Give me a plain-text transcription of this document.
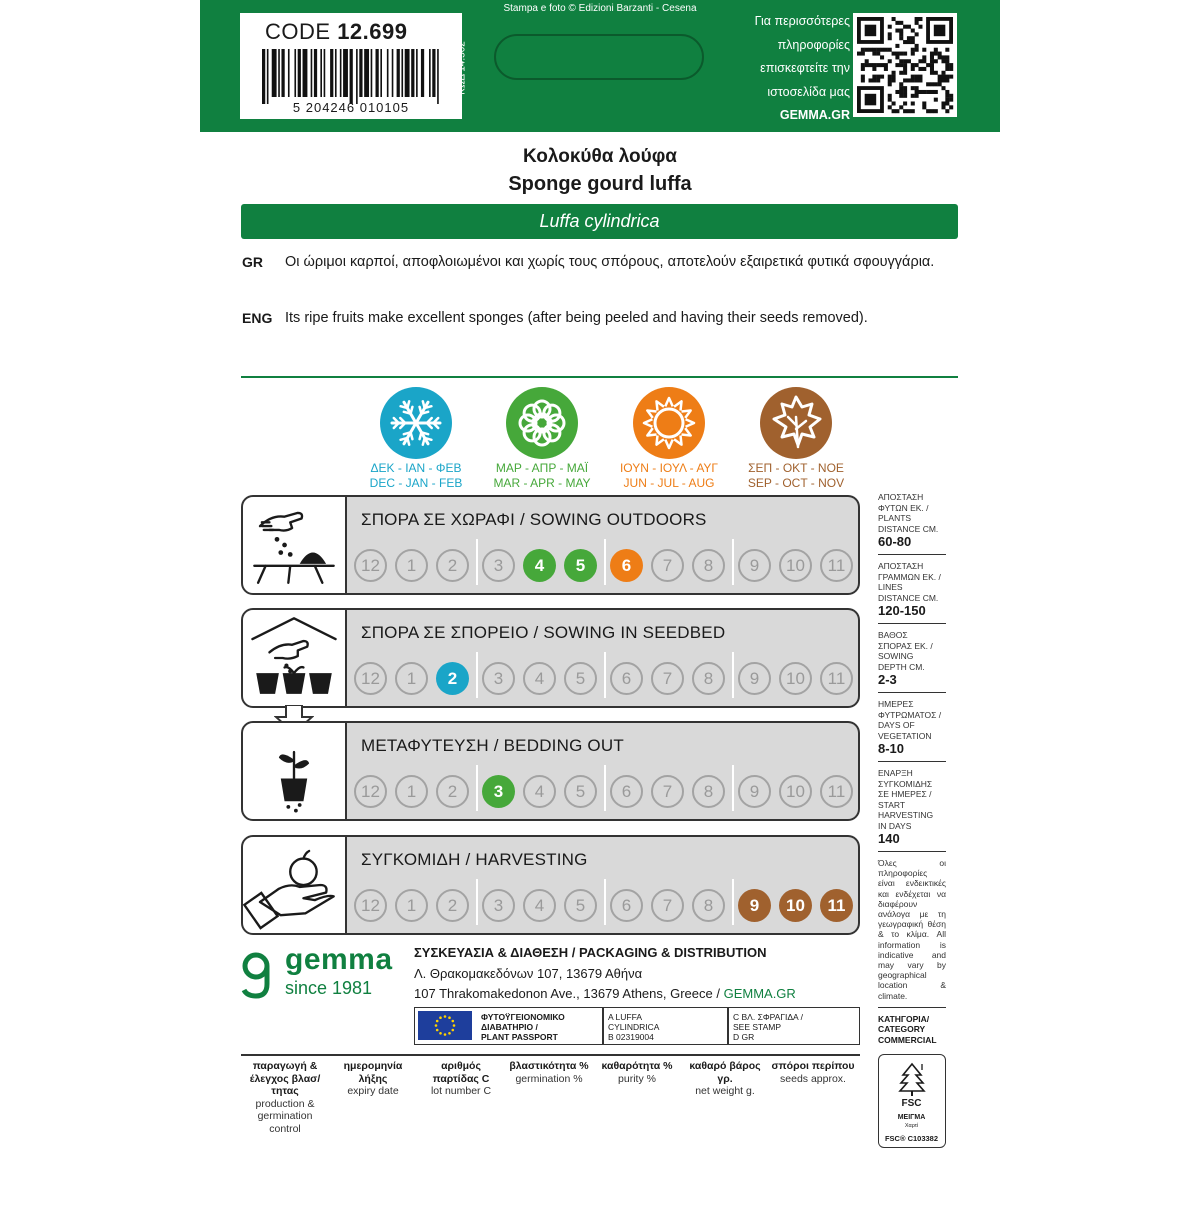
CODE 12.699
5 204246 010105
ΚΩΔ 14.502
Stampa e foto © Edizioni Barzanti - Cesena
Για περισσότερες
πληροφορίες
επισκεφτείτε την
ιστοσελίδα μας
GEMMA.GR
Κολοκύθα λούφα
Sponge gourd luffa
Luffa cylindrica
GR Οι ώριμοι καρποί, αποφλοιωμένοι και χωρίς τους σπόρους, αποτελούν εξαιρετικά φυτικά σφουγγάρια.
ENG Its ripe fruits make excellent sponges (after being peeled and having their seeds removed).
ΔΕΚ - ΙΑΝ - ΦΕΒ
DEC - JAN - FEB
ΜΑΡ - ΑΠΡ - ΜΑΪ
MAR - APR - MAY
ΙΟΥΝ - ΙΟΥΛ - ΑΥΓ
JUN - JUL - AUG
ΣΕΠ - ΟΚΤ - ΝΟΕ
SEP - OCT - NOV
ΣΠΟΡΑ ΣΕ ΧΩΡΑΦΙ / SOWING OUTDOORS
12	1	2	3	4	5	6	7	8	9	10	11
ΣΠΟΡΑ ΣΕ ΣΠΟΡΕΙΟ / SOWING IN SEEDBED
12	1	2	3	4	5	6	7	8	9	10	11
ΜΕΤΑΦΥΤΕΥΣΗ / BEDDING OUT
12	1	2	3	4	5	6	7	8	9	10	11
ΣΥΓΚΟΜΙΔΗ / HARVESTING
12	1	2	3	4	5	6	7	8	9	10	11
ΑΠΟΣΤΑΣΗ
ΦΥΤΩΝ ΕΚ. /
PLANTS
DISTANCE CM.
60-80
ΑΠΟΣΤΑΣΗ
ΓΡΑΜΜΩΝ ΕΚ. /
LINES
DISTANCE CM.
120-150
ΒΑΘΟΣ
ΣΠΟΡΑΣ ΕΚ. /
SOWING
DEPTH CM.
2-3
ΗΜΕΡΕΣ
ΦΥΤΡΩΜΑΤΟΣ /
DAYS OF
VEGETATION
8-10
ΕΝΑΡΞΗ
ΣΥΓΚΟΜΙΔΗΣ
ΣΕ ΗΜΕΡΕΣ /
START
HARVESTING
IN DAYS
140
Όλες οι πληροφορίες είναι ενδεικτικές και ενδέχεται να διαφέρουν ανάλογα με τη γεωγραφική θέση & το κλίμα. All information is indicative and may vary by geographical location & climate.
ΚΑΤΗΓΟΡΙΑ/
CATEGORY
COMMERCIAL
gemma
since 1981
ΣΥΣΚΕΥΑΣΙΑ & ΔΙΑΘΕΣΗ / PACKAGING & DISTRIBUTION
Λ. Θρακομακεδόνων 107, 13679 Αθήνα
107 Thrakomakedonon Ave., 13679 Athens, Greece / GEMMA.GR
ΦΥΤΟΫΓΕΙΟΝΟΜΙΚΟ
ΔΙΑΒΑΤΗΡΙΟ /
PLANT PASSPORT
A LUFFA
CYLINDRICA
B 02319004
C ΒΛ. ΣΦΡΑΓΙΔΑ /
SEE STAMP
D GR
παραγωγή & έλεγχος βλασ/τητας
production & germination control
ημερομηνία λήξης
expiry date
αριθμός παρτίδας C
lot number C
βλαστικότητα %
germination %
καθαρότητα %
purity %
καθαρό βάρος γρ.
net weight g.
σπόροι περίπου
seeds approx.
FSC
ΜΕΙΓΜΑ
Χαρτί
FSC® C103382
